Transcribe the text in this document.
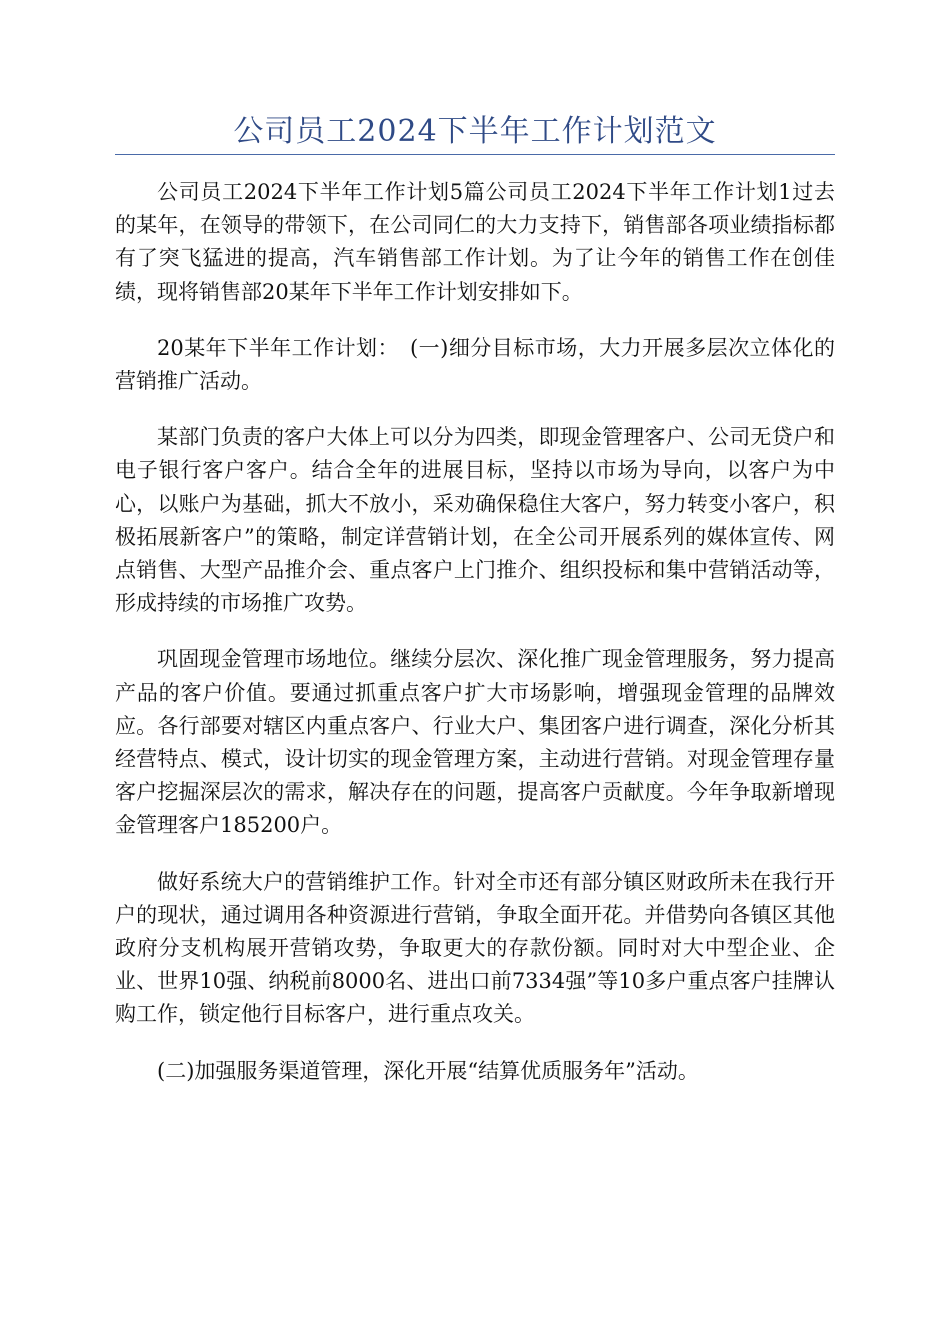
公司员工2024下半年工作计划范文

公司员工2024下半年工作计划5篇公司员工2024下半年工作计划1过去的某年，在领导的带领下，在公司同仁的大力支持下，销售部各项业绩指标都有了突飞猛进的提高，汽车销售部工作计划。为了让今年的销售工作在创佳绩，现将销售部20某年下半年工作计划安排如下。

20某年下半年工作计划：　(一)细分目标市场，大力开展多层次立体化的营销推广活动。

某部门负责的客户大体上可以分为四类，即现金管理客户、公司无贷户和电子银行客户客户。结合全年的进展目标，坚持以市场为导向，以客户为中心，以账户为基础，抓大不放小，采劝确保稳住大客户，努力转变小客户，积极拓展新客户”的策略，制定详营销计划，在全公司开展系列的媒体宣传、网点销售、大型产品推介会、重点客户上门推介、组织投标和集中营销活动等，形成持续的市场推广攻势。

巩固现金管理市场地位。继续分层次、深化推广现金管理服务，努力提高产品的客户价值。要通过抓重点客户扩大市场影响，增强现金管理的品牌效应。各行部要对辖区内重点客户、行业大户、集团客户进行调查，深化分析其经营特点、模式，设计切实的现金管理方案，主动进行营销。对现金管理存量客户挖掘深层次的需求，解决存在的问题，提高客户贡献度。今年争取新增现金管理客户185200户。

做好系统大户的营销维护工作。针对全市还有部分镇区财政所未在我行开户的现状，通过调用各种资源进行营销，争取全面开花。并借势向各镇区其他政府分支机构展开营销攻势，争取更大的存款份额。同时对大中型企业、企业、世界10强、纳税前8000名、进出口前7334强”等10多户重点客户挂牌认购工作，锁定他行目标客户，进行重点攻关。

(二)加强服务渠道管理，深化开展“结算优质服务年”活动。
